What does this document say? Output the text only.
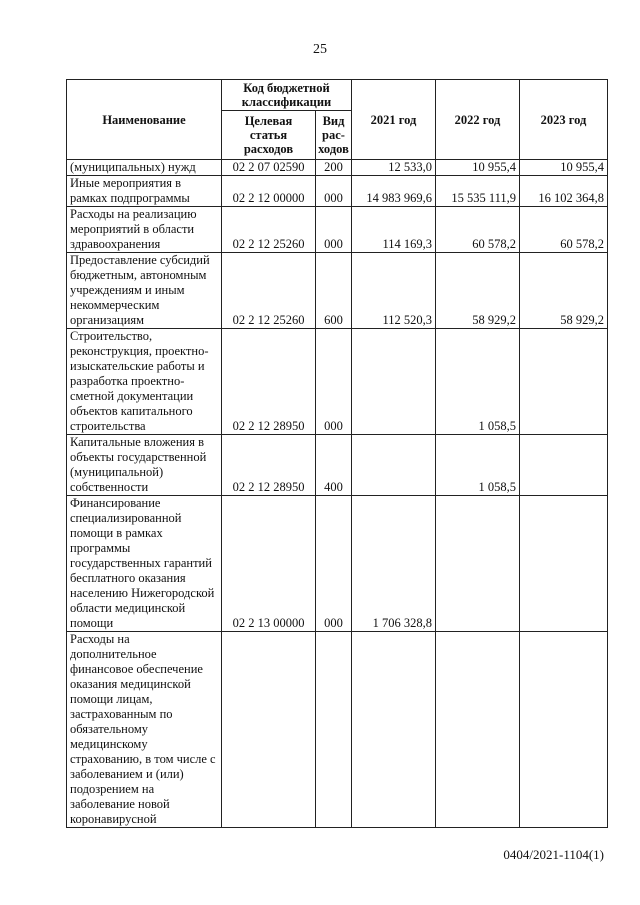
25
Наименование	Код бюджетной классификации		2021 год	2022 год	2023 год
	Целевая статья расходов	Вид рас-ходов			
(муниципальных) нужд	02 2 07 02590	200	12 533,0	10 955,4	10 955,4
Иные мероприятия в рамках подпрограммы	02 2 12 00000	000	14 983 969,6	15 535 111,9	16 102 364,8
Расходы на реализацию мероприятий в области здравоохранения	02 2 12 25260	000	114 169,3	60 578,2	60 578,2
Предоставление субсидий бюджетным, автономным учреждениям и иным некоммерческим организациям	02 2 12 25260	600	112 520,3	58 929,2	58 929,2
Строительство, реконструкция, проектно-изыскательские работы и разработка проектно-сметной документации объектов капитального строительства	02 2 12 28950	000		1 058,5	
Капитальные вложения в объекты государственной (муниципальной) собственности	02 2 12 28950	400		1 058,5	
Финансирование специализированной помощи в рамках программы государственных гарантий бесплатного оказания населению Нижегородской области медицинской помощи	02 2 13 00000	000	1 706 328,8		
Расходы на дополнительное финансовое обеспечение оказания медицинской помощи лицам, застрахованным по обязательному медицинскому страхованию, в том числе с заболеванием и (или) подозрением на заболевание новой коронавирусной					
0404/2021-1104(1)
